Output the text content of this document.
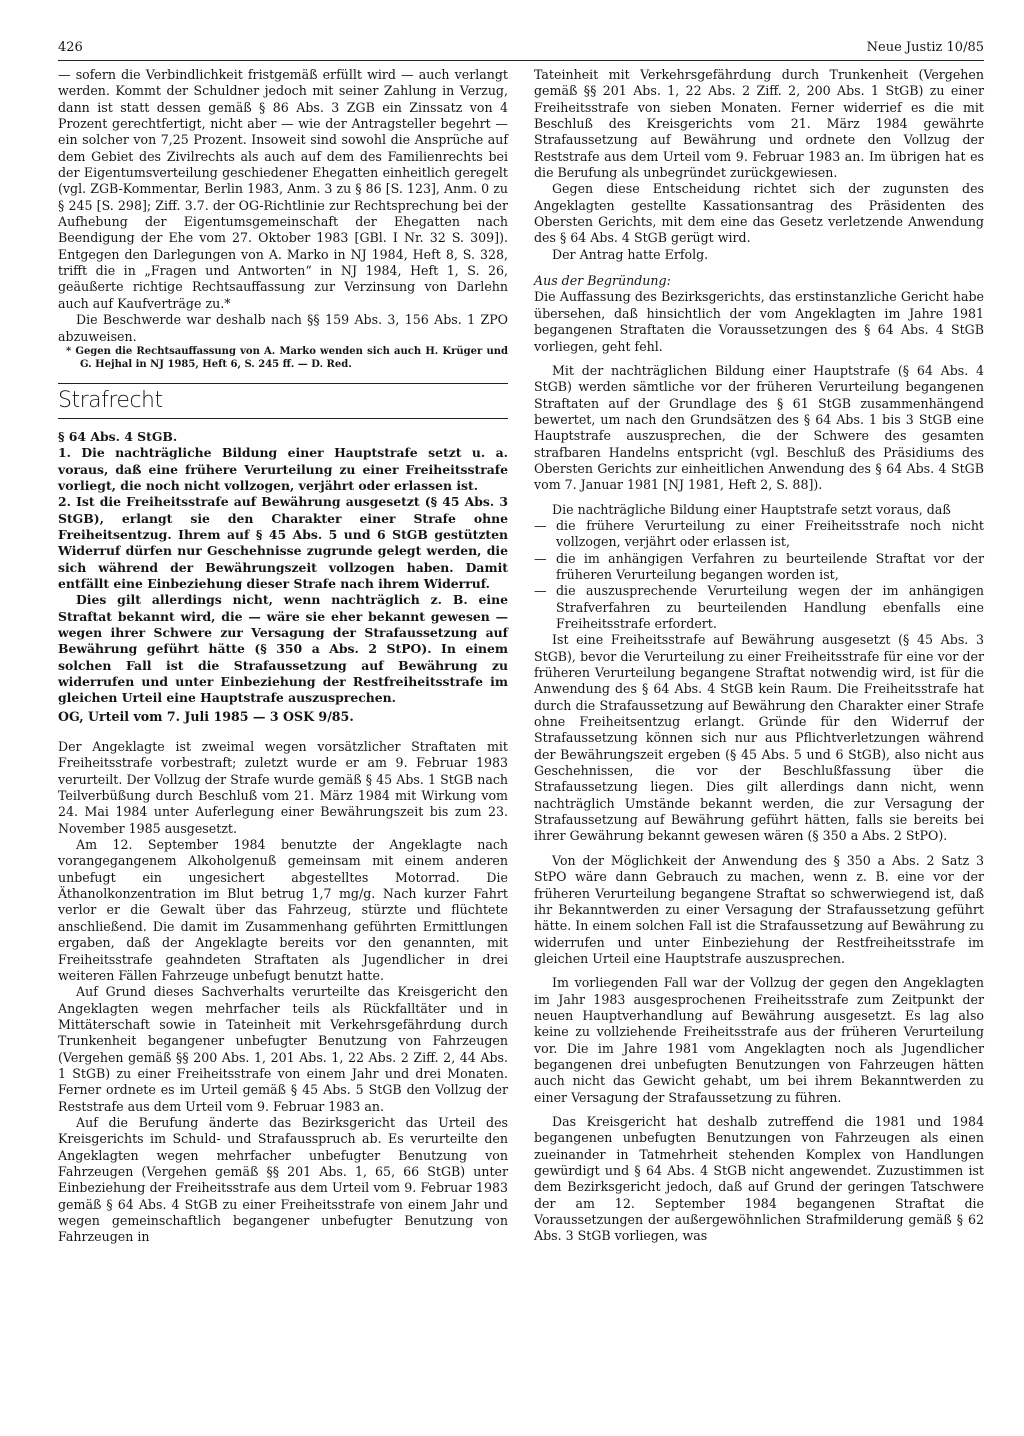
426	Neue Justiz 10/85

— sofern die Verbindlichkeit fristgemäß erfüllt wird — auch verlangt werden. Kommt der Schuldner jedoch mit seiner Zahlung in Verzug, dann ist statt dessen gemäß § 86 Abs. 3 ZGB ein Zinssatz von 4 Prozent gerechtfertigt, nicht aber — wie der Antragsteller begehrt — ein solcher von 7,25 Prozent. Insoweit sind sowohl die Ansprüche auf dem Gebiet des Zivilrechts als auch auf dem des Familienrechts bei der Eigentumsverteilung geschiedener Ehegatten einheitlich geregelt (vgl. ZGB-Kommentar, Berlin 1983, Anm. 3 zu § 86 [S. 123], Anm. 0 zu § 245 [S. 298]; Ziff. 3.7. der OG-Richtlinie zur Rechtsprechung bei der Aufhebung der Eigentumsgemeinschaft der Ehegatten nach Beendigung der Ehe vom 27. Oktober 1983 [GBl. I Nr. 32 S. 309]). Entgegen den Darlegungen von A. Marko in NJ 1984, Heft 8, S. 328, trifft die in „Fragen und Antworten“ in NJ 1984, Heft 1, S. 26, geäußerte richtige Rechtsauffassung zur Verzinsung von Darlehn auch auf Kaufverträge zu.*

Die Beschwerde war deshalb nach §§ 159 Abs. 3, 156 Abs. 1 ZPO abzuweisen.

* Gegen die Rechtsauffassung von A. Marko wenden sich auch H. Krüger und G. Hejhal in NJ 1985, Heft 6, S. 245 ff. — D. Red.

Strafrecht

§ 64 Abs. 4 StGB.

1. Die nachträgliche Bildung einer Hauptstrafe setzt u. a. voraus, daß eine frühere Verurteilung zu einer Freiheitsstrafe vorliegt, die noch nicht vollzogen, verjährt oder erlassen ist.

2. Ist die Freiheitsstrafe auf Bewährung ausgesetzt (§ 45 Abs. 3 StGB), erlangt sie den Charakter einer Strafe ohne Freiheitsentzug. Ihrem auf § 45 Abs. 5 und 6 StGB gestützten Widerruf dürfen nur Geschehnisse zugrunde gelegt werden, die sich während der Bewährungszeit vollzogen haben. Damit entfällt eine Einbeziehung dieser Strafe nach ihrem Widerruf.

Dies gilt allerdings nicht, wenn nachträglich z. B. eine Straftat bekannt wird, die — wäre sie eher bekannt gewesen — wegen ihrer Schwere zur Versagung der Strafaussetzung auf Bewährung geführt hätte (§ 350 a Abs. 2 StPO). In einem solchen Fall ist die Strafaussetzung auf Bewährung zu widerrufen und unter Einbeziehung der Restfreiheitsstrafe im gleichen Urteil eine Hauptstrafe auszusprechen.

OG, Urteil vom 7. Juli 1985 — 3 OSK 9/85.

Der Angeklagte ist zweimal wegen vorsätzlicher Straftaten mit Freiheitsstrafe vorbestraft; zuletzt wurde er am 9. Februar 1983 verurteilt. Der Vollzug der Strafe wurde gemäß § 45 Abs. 1 StGB nach Teilverbüßung durch Beschluß vom 21. März 1984 mit Wirkung vom 24. Mai 1984 unter Auferlegung einer Bewährungszeit bis zum 23. November 1985 ausgesetzt.

Am 12. September 1984 benutzte der Angeklagte nach vorangegangenem Alkoholgenuß gemeinsam mit einem anderen unbefugt ein ungesichert abgestelltes Motorrad. Die Äthanolkonzentration im Blut betrug 1,7 mg/g. Nach kurzer Fahrt verlor er die Gewalt über das Fahrzeug, stürzte und flüchtete anschließend. Die damit im Zusammenhang geführten Ermittlungen ergaben, daß der Angeklagte bereits vor den genannten, mit Freiheitsstrafe geahndeten Straftaten als Jugendlicher in drei weiteren Fällen Fahrzeuge unbefugt benutzt hatte.

Auf Grund dieses Sachverhalts verurteilte das Kreisgericht den Angeklagten wegen mehrfacher teils als Rückfalltäter und in Mittäterschaft sowie in Tateinheit mit Verkehrsgefährdung durch Trunkenheit begangener unbefugter Benutzung von Fahrzeugen (Vergehen gemäß §§ 200 Abs. 1, 201 Abs. 1, 22 Abs. 2 Ziff. 2, 44 Abs. 1 StGB) zu einer Freiheitsstrafe von einem Jahr und drei Monaten. Ferner ordnete es im Urteil gemäß § 45 Abs. 5 StGB den Vollzug der Reststrafe aus dem Urteil vom 9. Februar 1983 an.

Auf die Berufung änderte das Bezirksgericht das Urteil des Kreisgerichts im Schuld- und Strafausspruch ab. Es verurteilte den Angeklagten wegen mehrfacher unbefugter Benutzung von Fahrzeugen (Vergehen gemäß §§ 201 Abs. 1, 65, 66 StGB) unter Einbeziehung der Freiheitsstrafe aus dem Urteil vom 9. Februar 1983 gemäß § 64 Abs. 4 StGB zu einer Freiheitsstrafe von einem Jahr und wegen gemeinschaftlich begangener unbefugter Benutzung von Fahrzeugen in

Tateinheit mit Verkehrsgefährdung durch Trunkenheit (Vergehen gemäß §§ 201 Abs. 1, 22 Abs. 2 Ziff. 2, 200 Abs. 1 StGB) zu einer Freiheitsstrafe von sieben Monaten. Ferner widerrief es die mit Beschluß des Kreisgerichts vom 21. März 1984 gewährte Strafaussetzung auf Bewährung und ordnete den Vollzug der Reststrafe aus dem Urteil vom 9. Februar 1983 an. Im übrigen hat es die Berufung als unbegründet zurückgewiesen.

Gegen diese Entscheidung richtet sich der zugunsten des Angeklagten gestellte Kassationsantrag des Präsidenten des Obersten Gerichts, mit dem eine das Gesetz verletzende Anwendung des § 64 Abs. 4 StGB gerügt wird.

Der Antrag hatte Erfolg.

Aus der Begründung:

Die Auffassung des Bezirksgerichts, das erstinstanzliche Gericht habe übersehen, daß hinsichtlich der vom Angeklagten im Jahre 1981 begangenen Straftaten die Voraussetzungen des § 64 Abs. 4 StGB vorliegen, geht fehl.

Mit der nachträglichen Bildung einer Hauptstrafe (§ 64 Abs. 4 StGB) werden sämtliche vor der früheren Verurteilung begangenen Straftaten auf der Grundlage des § 61 StGB zusammenhängend bewertet, um nach den Grundsätzen des § 64 Abs. 1 bis 3 StGB eine Hauptstrafe auszusprechen, die der Schwere des gesamten strafbaren Handelns entspricht (vgl. Beschluß des Präsidiums des Obersten Gerichts zur einheitlichen Anwendung des § 64 Abs. 4 StGB vom 7. Januar 1981 [NJ 1981, Heft 2, S. 88]).

Die nachträgliche Bildung einer Hauptstrafe setzt voraus, daß

— die frühere Verurteilung zu einer Freiheitsstrafe noch nicht vollzogen, verjährt oder erlassen ist,
— die im anhängigen Verfahren zu beurteilende Straftat vor der früheren Verurteilung begangen worden ist,
— die auszusprechende Verurteilung wegen der im anhängigen Strafverfahren zu beurteilenden Handlung ebenfalls eine Freiheitsstrafe erfordert.

Ist eine Freiheitsstrafe auf Bewährung ausgesetzt (§ 45 Abs. 3 StGB), bevor die Verurteilung zu einer Freiheitsstrafe für eine vor der früheren Verurteilung begangene Straftat notwendig wird, ist für die Anwendung des § 64 Abs. 4 StGB kein Raum. Die Freiheitsstrafe hat durch die Strafaussetzung auf Bewährung den Charakter einer Strafe ohne Freiheitsentzug erlangt. Gründe für den Widerruf der Strafaussetzung können sich nur aus Pflichtverletzungen während der Bewährungszeit ergeben (§ 45 Abs. 5 und 6 StGB), also nicht aus Geschehnissen, die vor der Beschlußfassung über die Strafaussetzung liegen. Dies gilt allerdings dann nicht, wenn nachträglich Umstände bekannt werden, die zur Versagung der Strafaussetzung auf Bewährung geführt hätten, falls sie bereits bei ihrer Gewährung bekannt gewesen wären (§ 350 a Abs. 2 StPO).

Von der Möglichkeit der Anwendung des § 350 a Abs. 2 Satz 3 StPO wäre dann Gebrauch zu machen, wenn z. B. eine vor der früheren Verurteilung begangene Straftat so schwerwiegend ist, daß ihr Bekanntwerden zu einer Versagung der Strafaussetzung geführt hätte. In einem solchen Fall ist die Strafaussetzung auf Bewährung zu widerrufen und unter Einbeziehung der Restfreiheitsstrafe im gleichen Urteil eine Hauptstrafe auszusprechen.

Im vorliegenden Fall war der Vollzug der gegen den Angeklagten im Jahr 1983 ausgesprochenen Freiheitsstrafe zum Zeitpunkt der neuen Hauptverhandlung auf Bewährung ausgesetzt. Es lag also keine zu vollziehende Freiheitsstrafe aus der früheren Verurteilung vor. Die im Jahre 1981 vom Angeklagten noch als Jugendlicher begangenen drei unbefugten Benutzungen von Fahrzeugen hätten auch nicht das Gewicht gehabt, um bei ihrem Bekanntwerden zu einer Versagung der Strafaussetzung zu führen.

Das Kreisgericht hat deshalb zutreffend die 1981 und 1984 begangenen unbefugten Benutzungen von Fahrzeugen als einen zueinander in Tatmehrheit stehenden Komplex von Handlungen gewürdigt und § 64 Abs. 4 StGB nicht angewendet. Zuzustimmen ist dem Bezirksgericht jedoch, daß auf Grund der geringen Tatschwere der am 12. September 1984 begangenen Straftat die Voraussetzungen der außergewöhnlichen Strafmilderung gemäß § 62 Abs. 3 StGB vorliegen, was
